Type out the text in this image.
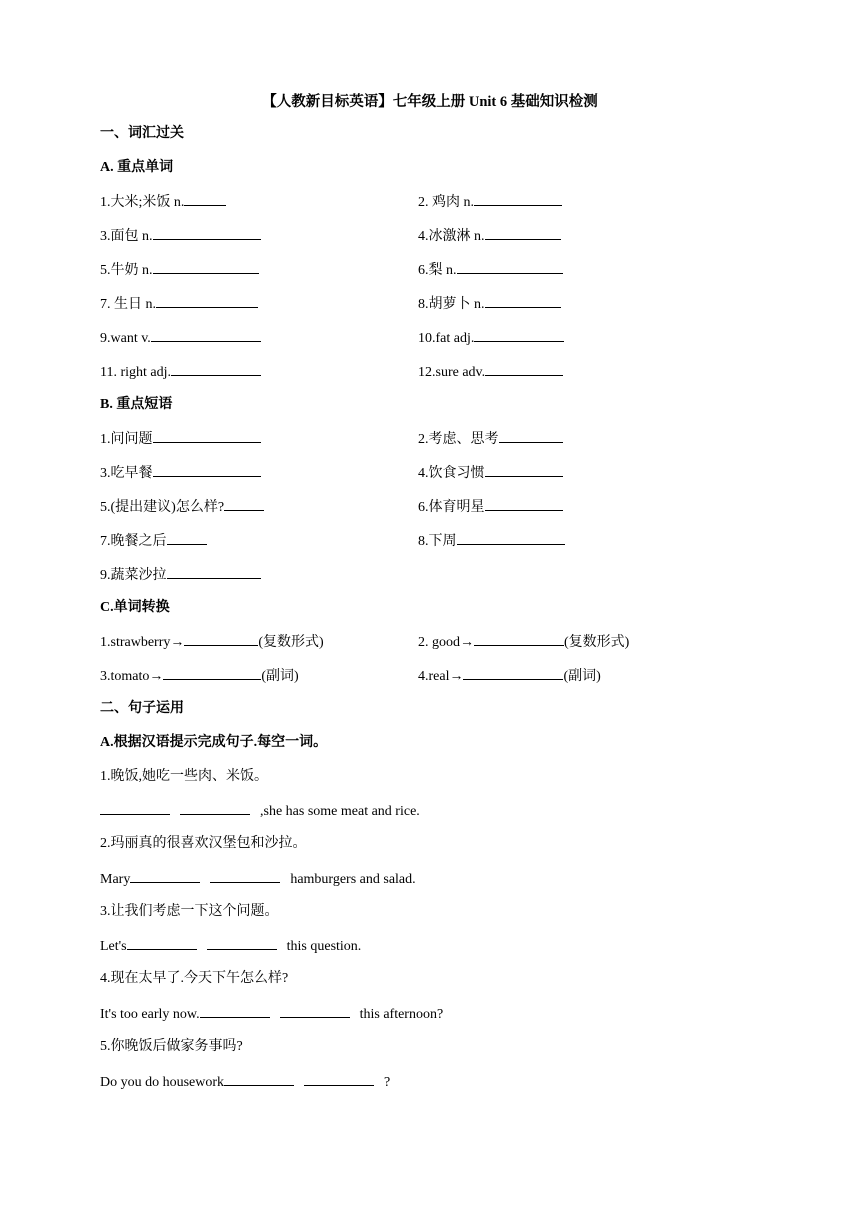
【人教新目标英语】七年级上册 Unit 6 基础知识检测
一、词汇过关
A. 重点单词
1.大米;米饭 n.	2. 鸡肉 n.
3.面包 n.	4.冰激淋 n.
5.牛奶 n.	6.梨 n.
7. 生日 n.	8.胡萝卜 n.
9.want v.	10.fat adj.
11. right adj.	12.sure adv.
B. 重点短语
1.问问题	2.考虑、思考
3.吃早餐	4.饮食习惯
5.(提出建议)怎么样?	6.体育明星
7.晚餐之后	8.下周
9.蔬菜沙拉
C.单词转换
1.strawberry→	(复数形式)	2. good→	(复数形式)
3.tomato→	(副词)	4.real→	(副词)
二、句子运用
A.根据汉语提示完成句子.每空一词。
1.晚饭,她吃一些肉、米饭。
,she has some meat and rice.
2.玛丽真的很喜欢汉堡包和沙拉。
Mary	hamburgers and salad.
3.让我们考虑一下这个问题。
Let's	this question.
4.现在太早了.今天下午怎么样?
It's too early now.	this afternoon?
5.你晚饭后做家务事吗?
Do you do housework	?
